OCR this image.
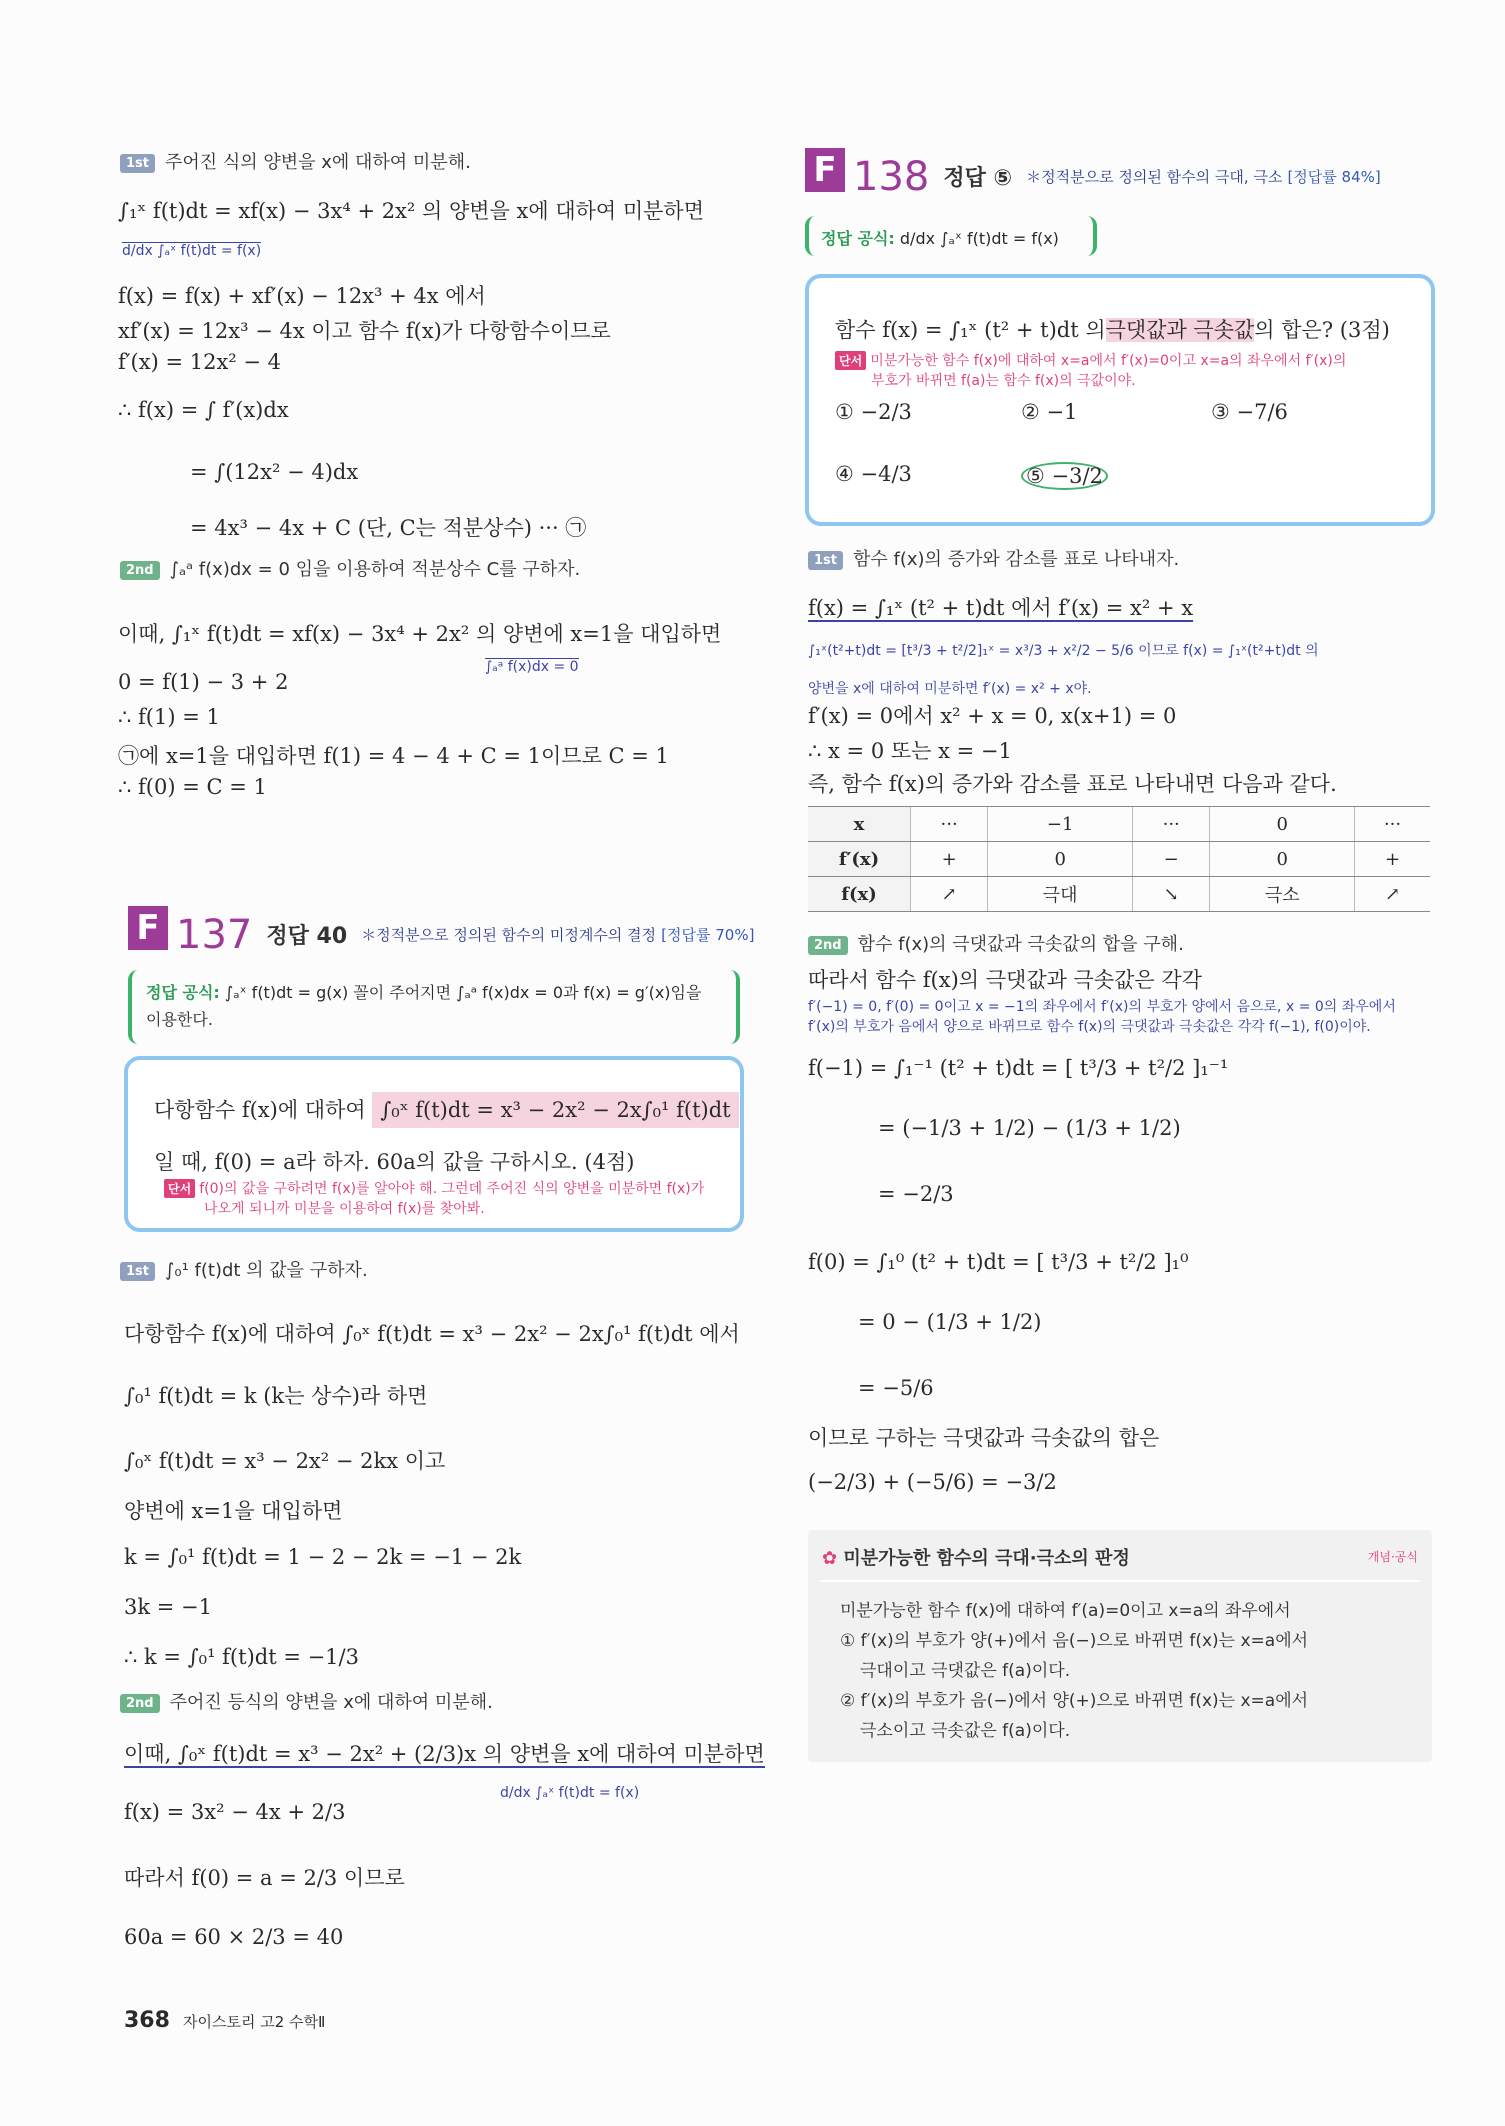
1st 주어진 식의 양변을 x에 대하여 미분해.
∫₁ˣ f(t)dt = xf(x) − 3x⁴ + 2x² 의 양변을 x에 대하여 미분하면
d/dx ∫ₐˣ f(t)dt = f(x)
f(x) = f(x) + xf′(x) − 12x³ + 4x 에서
xf′(x) = 12x³ − 4x 이고 함수 f(x)가 다항함수이므로
f′(x) = 12x² − 4
∴ f(x) = ∫ f′(x)dx
= ∫(12x² − 4)dx
= 4x³ − 4x + C (단, C는 적분상수) ··· ㉠
2nd ∫ₐᵃ f(x)dx = 0 임을 이용하여 적분상수 C를 구하자.
이때, ∫₁ˣ f(t)dt = xf(x) − 3x⁴ + 2x² 의 양변에 x=1을 대입하면
∫ₐᵃ f(x)dx = 0
0 = f(1) − 3 + 2
∴ f(1) = 1
㉠에 x=1을 대입하면 f(1) = 4 − 4 + C = 1이므로 C = 1
∴ f(0) = C = 1
F 137 정답 40 ＊정적분으로 정의된 함수의 미정계수의 결정 [정답률 70%]
정답 공식: ∫ₐˣ f(t)dt = g(x) 꼴이 주어지면 ∫ₐᵃ f(x)dx = 0과 f(x) = g′(x)임을
이용한다.
다항함수 f(x)에 대하여 ∫₀ˣ f(t)dt = x³ − 2x² − 2x∫₀¹ f(t)dt
일 때, f(0) = a라 하자. 60a의 값을 구하시오. (4점)
단서 f(0)의 값을 구하려면 f(x)를 알아야 해. 그런데 주어진 식의 양변을 미분하면 f(x)가
나오게 되니까 미분을 이용하여 f(x)를 찾아봐.
1st ∫₀¹ f(t)dt 의 값을 구하자.
다항함수 f(x)에 대하여 ∫₀ˣ f(t)dt = x³ − 2x² − 2x∫₀¹ f(t)dt 에서
∫₀¹ f(t)dt = k (k는 상수)라 하면
∫₀ˣ f(t)dt = x³ − 2x² − 2kx 이고
양변에 x=1을 대입하면
k = ∫₀¹ f(t)dt = 1 − 2 − 2k = −1 − 2k
3k = −1
∴ k = ∫₀¹ f(t)dt = −1/3
2nd 주어진 등식의 양변을 x에 대하여 미분해.
이때, ∫₀ˣ f(t)dt = x³ − 2x² + (2/3)x 의 양변을 x에 대하여 미분하면
d/dx ∫ₐˣ f(t)dt = f(x)
f(x) = 3x² − 4x + 2/3
따라서 f(0) = a = 2/3 이므로
60a = 60 × 2/3 = 40
368 자이스토리 고2 수학Ⅱ
F 138 정답 ⑤ ＊정적분으로 정의된 함수의 극대, 극소 [정답률 84%]
정답 공식: d/dx ∫ₐˣ f(t)dt = f(x)
함수 f(x) = ∫₁ˣ (t² + t)dt 의극댓값과 극솟값의 합은? (3점)
단서 미분가능한 함수 f(x)에 대하여 x=a에서 f′(x)=0이고 x=a의 좌우에서 f′(x)의
부호가 바뀌면 f(a)는 함수 f(x)의 극값이야.
① −2/3	② −1	③ −7/6
④ −4/3	⑤ −3/2
1st 함수 f(x)의 증가와 감소를 표로 나타내자.
f(x) = ∫₁ˣ (t² + t)dt 에서 f′(x) = x² + x
∫₁ˣ(t²+t)dt = [t³/3 + t²/2]₁ˣ = x³/3 + x²/2 − 5/6 이므로 f(x) = ∫₁ˣ(t²+t)dt 의
양변을 x에 대하여 미분하면 f′(x) = x² + x야.
f′(x) = 0에서 x² + x = 0, x(x+1) = 0
∴ x = 0 또는 x = −1
즉, 함수 f(x)의 증가와 감소를 표로 나타내면 다음과 같다.
x	···	−1	···	0	···
f′(x)	+	0	−	0	+
f(x)	↗	극대	↘	극소	↗
2nd 함수 f(x)의 극댓값과 극솟값의 합을 구해.
따라서 함수 f(x)의 극댓값과 극솟값은 각각
f′(−1) = 0, f′(0) = 0이고 x = −1의 좌우에서 f′(x)의 부호가 양에서 음으로, x = 0의 좌우에서
f′(x)의 부호가 음에서 양으로 바뀌므로 함수 f(x)의 극댓값과 극솟값은 각각 f(−1), f(0)이야.
f(−1) = ∫₁⁻¹ (t² + t)dt = [ t³/3 + t²/2 ]₁⁻¹
= (−1/3 + 1/2) − (1/3 + 1/2)
= −2/3
f(0) = ∫₁⁰ (t² + t)dt = [ t³/3 + t²/2 ]₁⁰
= 0 − (1/3 + 1/2)
= −5/6
이므로 구하는 극댓값과 극솟값의 합은
(−2/3) + (−5/6) = −3/2
✿ 미분가능한 함수의 극대·극소의 판정	개념·공식
미분가능한 함수 f(x)에 대하여 f′(a)=0이고 x=a의 좌우에서
① f′(x)의 부호가 양(+)에서 음(−)으로 바뀌면 f(x)는 x=a에서
극대이고 극댓값은 f(a)이다.
② f′(x)의 부호가 음(−)에서 양(+)으로 바뀌면 f(x)는 x=a에서
극소이고 극솟값은 f(a)이다.
